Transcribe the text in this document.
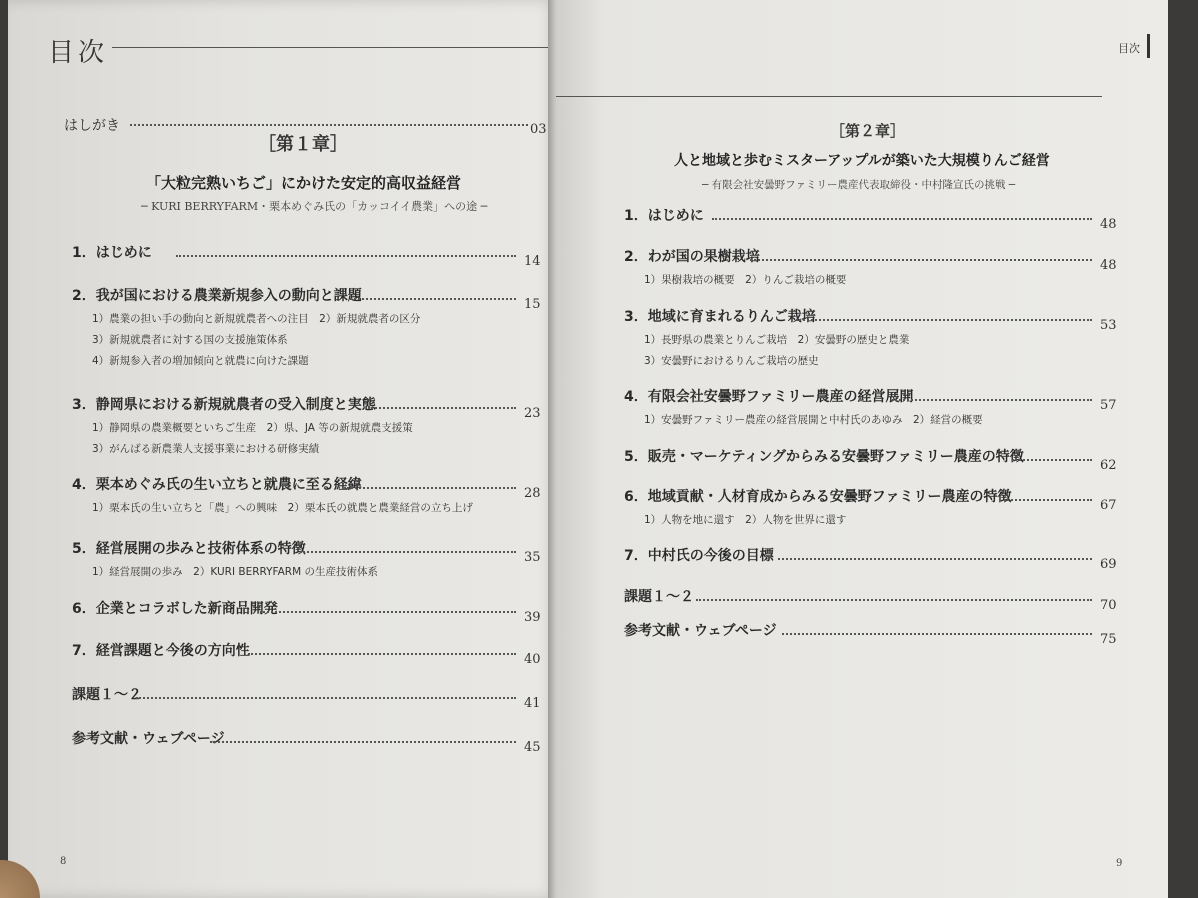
目次
はしがき	03
［第１章］
「大粒完熟いちご」にかけた安定的高収益経営
─ KURI BERRYFARM・栗本めぐみ氏の「カッコイイ農業」への途 ─
1．はじめに
14
2．我が国における農業新規参入の動向と課題
15
1）農業の担い手の動向と新規就農者への注目　2）新規就農者の区分
3）新規就農者に対する国の支援施策体系
4）新規参入者の増加傾向と就農に向けた課題
3．静岡県における新規就農者の受入制度と実態
23
1）静岡県の農業概要といちご生産　2）県、JA 等の新規就農支援策
3）がんばる新農業人支援事業における研修実績
4．栗本めぐみ氏の生い立ちと就農に至る経緯
28
1）栗本氏の生い立ちと「農」への興味　2）栗本氏の就農と農業経営の立ち上げ
5．経営展開の歩みと技術体系の特徴
35
1）経営展開の歩み　2）KURI BERRYFARM の生産技術体系
6．企業とコラボした新商品開発
39
7．経営課題と今後の方向性
40
課題１～２
41
参考文献・ウェブページ
45
8
目次
［第２章］
人と地域と歩むミスターアップルが築いた大規模りんご経営
─ 有限会社安曇野ファミリー農産代表取締役・中村隆宣氏の挑戦 ─
1．はじめに
48
2．わが国の果樹栽培
48
1）果樹栽培の概要　2）りんご栽培の概要
3．地域に育まれるりんご栽培
53
1）長野県の農業とりんご栽培　2）安曇野の歴史と農業
3）安曇野におけるりんご栽培の歴史
4．有限会社安曇野ファミリー農産の経営展開
57
1）安曇野ファミリー農産の経営展開と中村氏のあゆみ　2）経営の概要
5．販売・マーケティングからみる安曇野ファミリー農産の特徴
62
6．地域貢献・人材育成からみる安曇野ファミリー農産の特徴
67
1）人物を地に還す　2）人物を世界に還す
7．中村氏の今後の目標
69
課題１～２
70
参考文献・ウェブページ
75
9
